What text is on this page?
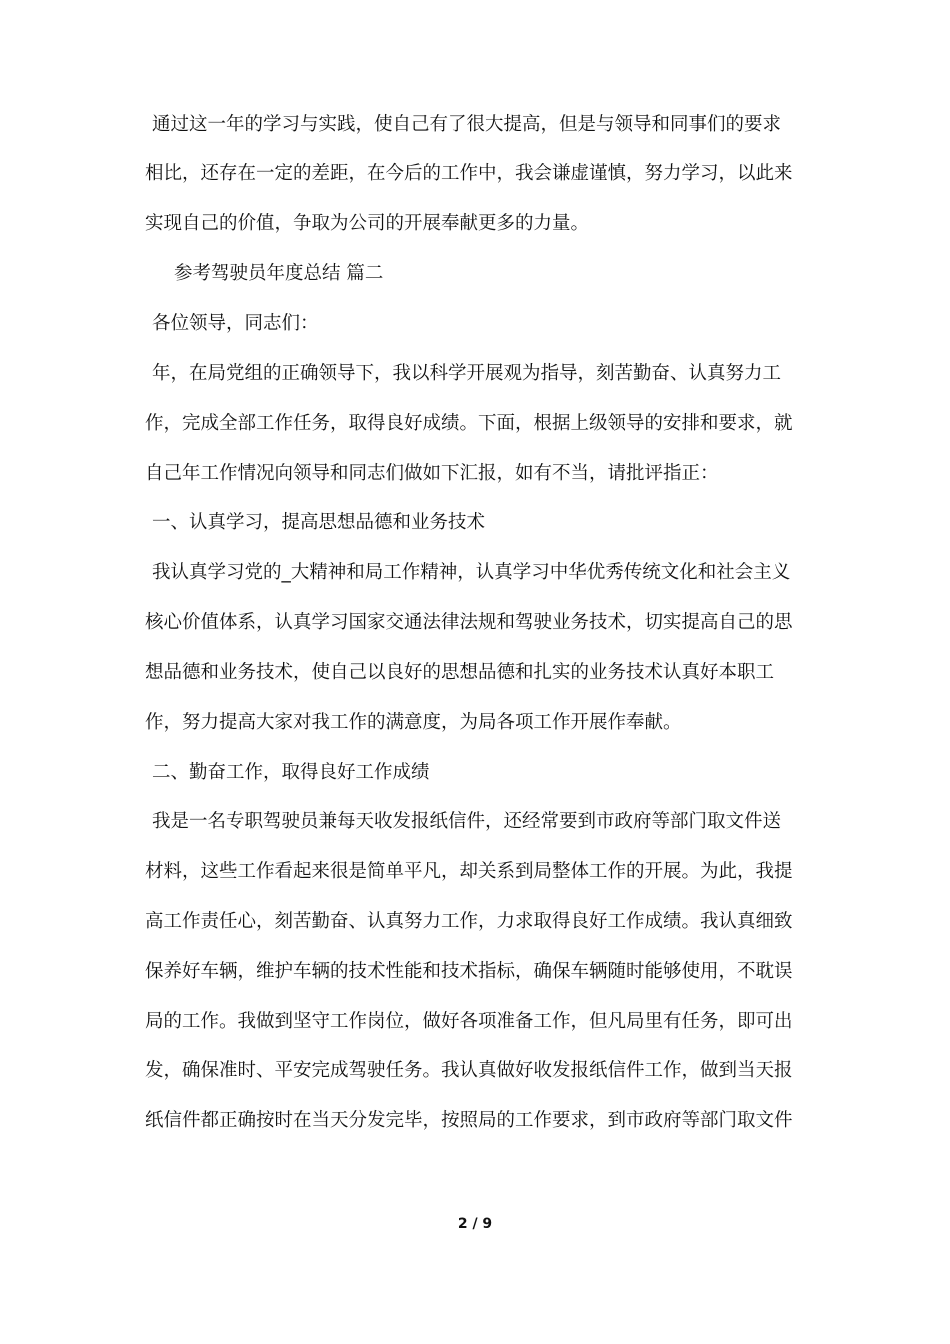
通过这一年的学习与实践，使自己有了很大提高，但是与领导和同事们的要求
相比，还存在一定的差距，在今后的工作中，我会谦虚谨慎，努力学习，以此来
实现自己的价值，争取为公司的开展奉献更多的力量。
参考驾驶员年度总结 篇二
各位领导，同志们：
年，在局党组的正确领导下，我以科学开展观为指导，刻苦勤奋、认真努力工
作，完成全部工作任务，取得良好成绩。下面，根据上级领导的安排和要求，就
自己年工作情况向领导和同志们做如下汇报，如有不当，请批评指正：
一、认真学习，提高思想品德和业务技术
我认真学习党的_大精神和局工作精神，认真学习中华优秀传统文化和社会主义
核心价值体系，认真学习国家交通法律法规和驾驶业务技术，切实提高自己的思
想品德和业务技术，使自己以良好的思想品德和扎实的业务技术认真好本职工
作，努力提高大家对我工作的满意度，为局各项工作开展作奉献。
二、勤奋工作，取得良好工作成绩
我是一名专职驾驶员兼每天收发报纸信件，还经常要到市政府等部门取文件送
材料，这些工作看起来很是简单平凡，却关系到局整体工作的开展。为此，我提
高工作责任心，刻苦勤奋、认真努力工作，力求取得良好工作成绩。我认真细致
保养好车辆，维护车辆的技术性能和技术指标，确保车辆随时能够使用，不耽误
局的工作。我做到坚守工作岗位，做好各项准备工作，但凡局里有任务，即可出
发，确保准时、平安完成驾驶任务。我认真做好收发报纸信件工作，做到当天报
纸信件都正确按时在当天分发完毕，按照局的工作要求，到市政府等部门取文件
2 / 9
